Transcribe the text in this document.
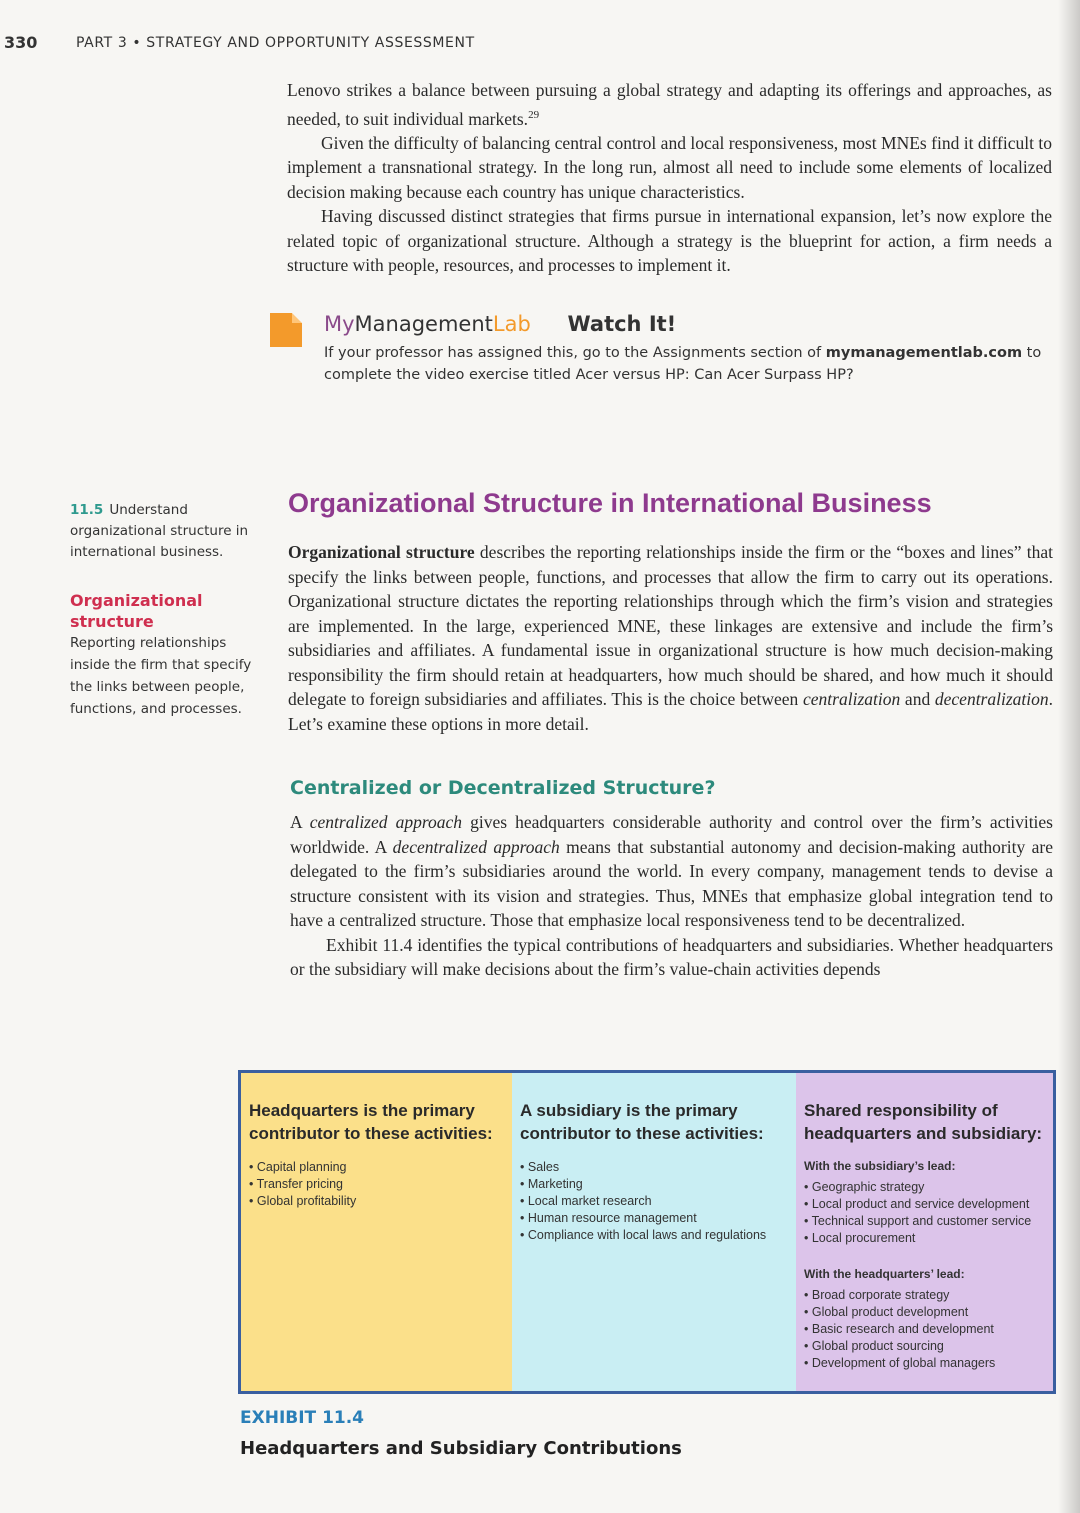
330	PART 3 • STRATEGY AND OPPORTUNITY ASSESSMENT

Lenovo strikes a balance between pursuing a global strategy and adapting its offerings and approaches, as needed, to suit individual markets.$^{29}$

Given the difficulty of balancing central control and local responsiveness, most MNEs find it difficult to implement a transnational strategy. In the long run, almost all need to include some elements of localized decision making because each country has unique characteristics.

Having discussed distinct strategies that firms pursue in international expansion, let’s now explore the related topic of organizational structure. Although a strategy is the blueprint for action, a firm needs a structure with people, resources, and processes to implement it.

MyManagementLab Watch It!
If your professor has assigned this, go to the Assignments section of mymanagementlab.com to complete the video exercise titled Acer versus HP: Can Acer Surpass HP?
11.5 Understand organizational structure in international business.
Organizational structure
Reporting relationships inside the firm that specify the links between people, functions, and processes.
Organizational Structure in International Business
Organizational structure describes the reporting relationships inside the firm or the “boxes and lines” that specify the links between people, functions, and processes that allow the firm to carry out its operations. Organizational structure dictates the reporting relationships through which the firm’s vision and strategies are implemented. In the large, experienced MNE, these linkages are extensive and include the firm’s subsidiaries and affiliates. A fundamental issue in organizational structure is how much decision-making responsibility the firm should retain at headquarters, how much should be shared, and how much it should delegate to foreign subsidiaries and affiliates. This is the choice between centralization and decentralization. Let’s examine these options in more detail.
Centralized or Decentralized Structure?

A centralized approach gives headquarters considerable authority and control over the firm’s activities worldwide. A decentralized approach means that substantial autonomy and decision-making authority are delegated to the firm’s subsidiaries around the world. In every company, management tends to devise a structure consistent with its vision and strategies. Thus, MNEs that emphasize global integration tend to have a centralized structure. Those that emphasize local responsiveness tend to be decentralized.

Exhibit 11.4 identifies the typical contributions of headquarters and subsidiaries. Whether headquarters or the subsidiary will make decisions about the firm’s value-chain activities depends

Headquarters is the primary contributor to these activities:
• Capital planning
• Transfer pricing
• Global profitability
A subsidiary is the primary contributor to these activities:
• Sales
• Marketing
• Local market research
• Human resource management
• Compliance with local laws and regulations
Shared responsibility of headquarters and subsidiary:
With the subsidiary’s lead:
• Geographic strategy
• Local product and service development
• Technical support and customer service
• Local procurement
With the headquarters’ lead:
• Broad corporate strategy
• Global product development
• Basic research and development
• Global product sourcing
• Development of global managers
EXHIBIT 11.4
Headquarters and Subsidiary Contributions
